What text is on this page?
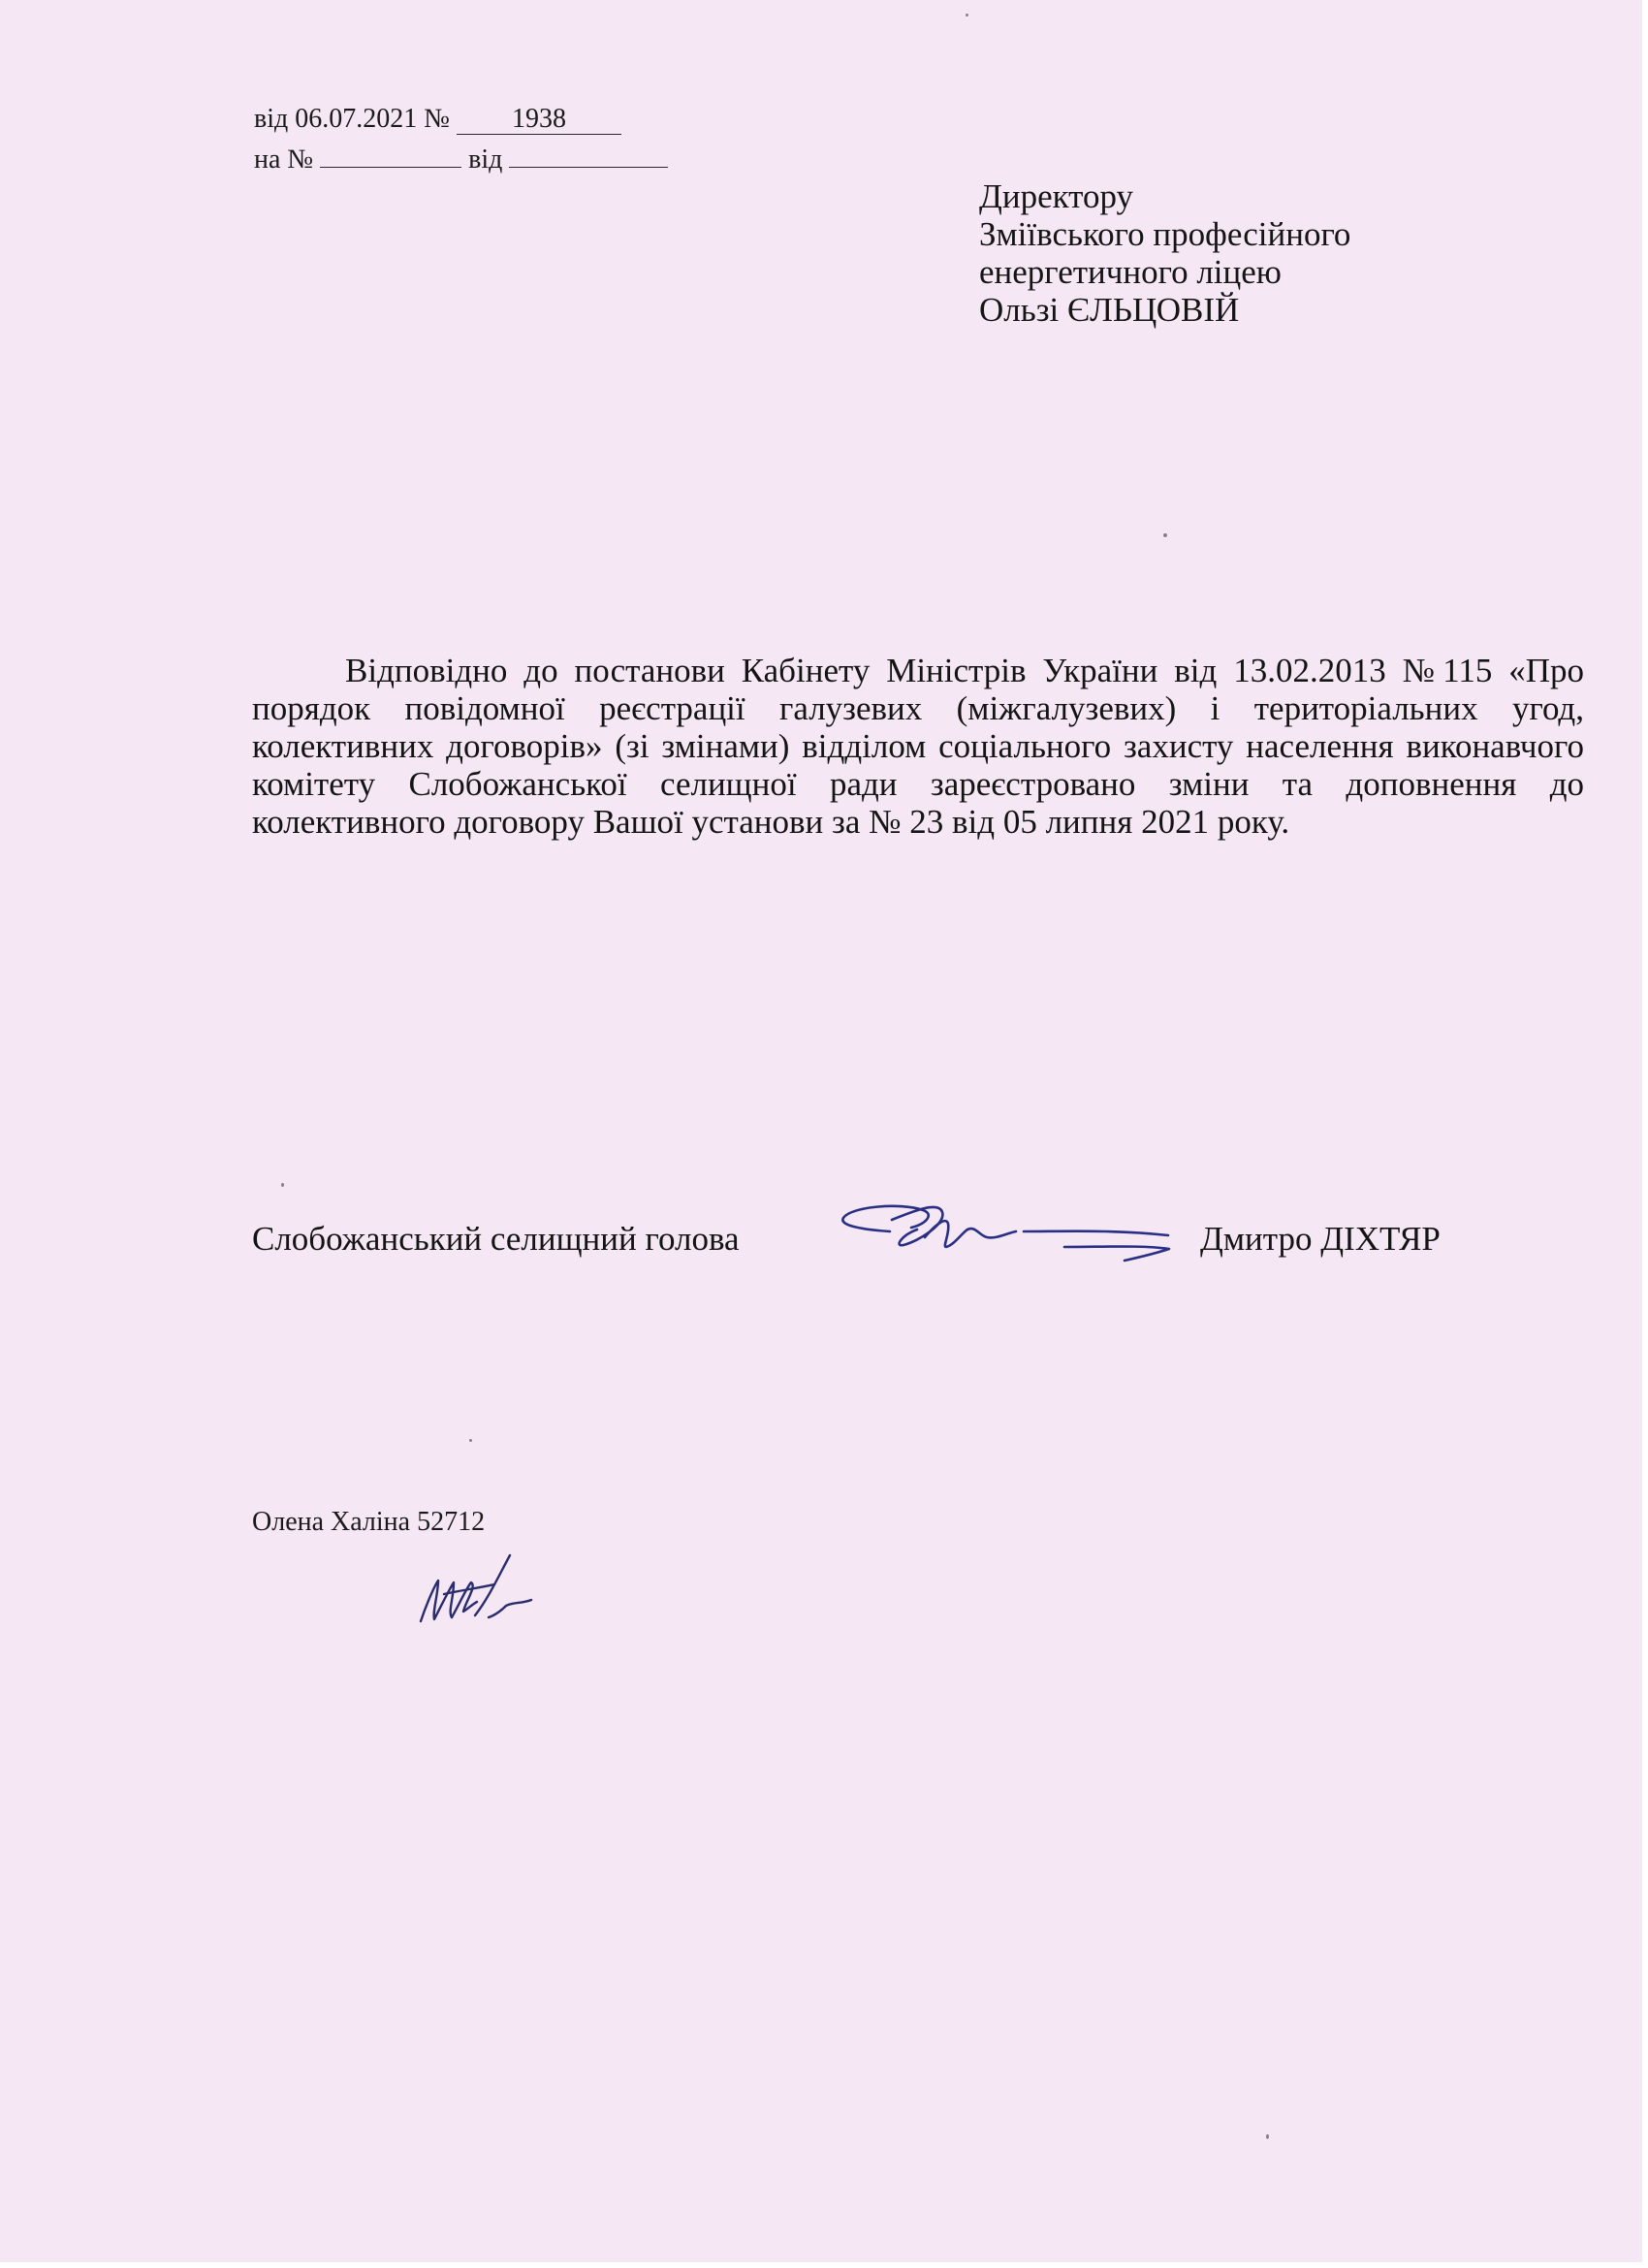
від 06.07.2021 № 1938
на №	від
Директору
Зміївського професійного
енергетичного ліцею
Ользі ЄЛЬЦОВІЙ

Відповідно до постанови Кабінету Міністрів України від 13.02.2013 №115 «Про порядок повідомної реєстрації галузевих (міжгалузевих) і територіальних угод, колективних договорів» (зі змінами) відділом соціального захисту населення виконавчого комітету Слобожанської селищної ради зареєстровано зміни та доповнення до колективного договору Вашої установи за № 23 від 05 липня 2021 року.

Слобожанський селищний голова	Дмитро ДІХТЯР
Олена Халіна 52712
